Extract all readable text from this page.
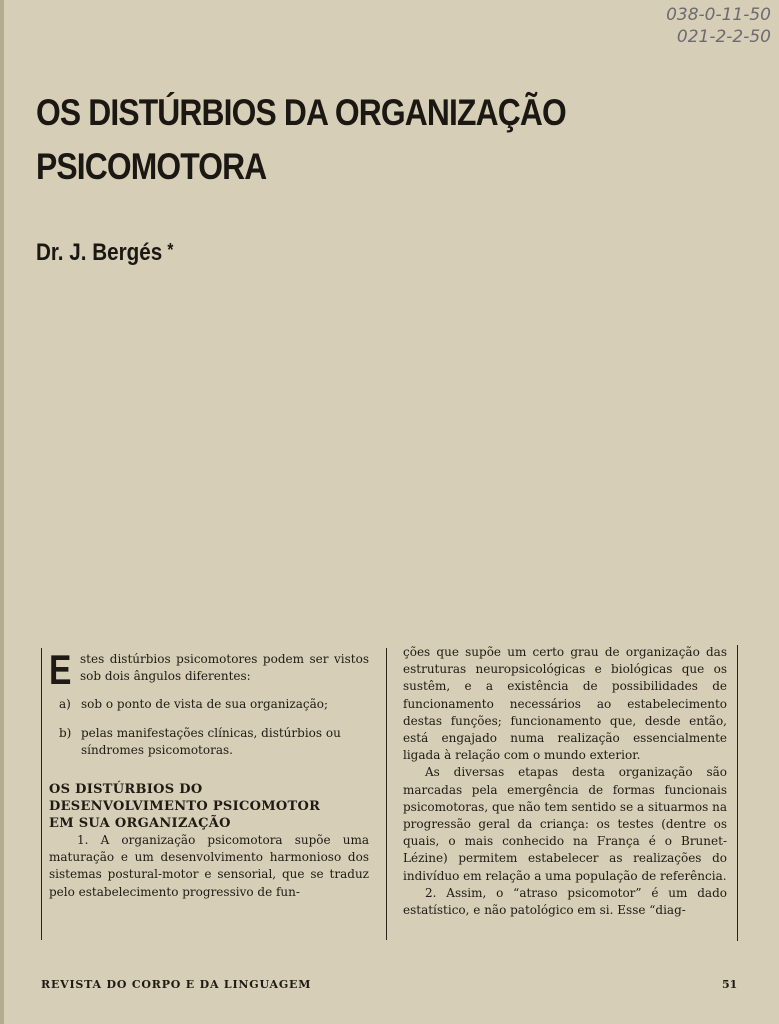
038-0-11-50
021-2-2-50
OS DISTÚRBIOS DA ORGANIZAÇÃO
PSICOMOTORA
Dr. J. Bergés *

Estes distúrbios psicomotores podem ser vistos sob dois ângulos diferentes:

a) sob o ponto de vista de sua organização;
b) pelas manifestações clínicas, distúrbios ou síndromes psicomotoras.
OS DISTÚRBIOS DO
DESENVOLVIMENTO PSICOMOTOR
EM SUA ORGANIZAÇÃO

1. A organização psicomotora supõe uma maturação e um desenvolvimento harmonioso dos sistemas postural-motor e sensorial, que se traduz pelo estabelecimento progressivo de fun-

ções que supõe um certo grau de organização das estruturas neuropsicológicas e biológicas que os sustêm, e a existência de possibilidades de funcionamento necessários ao estabelecimento destas funções; funcionamento que, desde então, está engajado numa realização essencialmente ligada à relação com o mundo exterior.

As diversas etapas desta organização são marcadas pela emergência de formas funcionais psicomotoras, que não tem sentido se a situarmos na progressão geral da criança: os testes (dentre os quais, o mais conhecido na França é o Brunet-Lézine) permitem estabelecer as realizações do indivíduo em relação a uma população de referência.

2. Assim, o “atraso psicomotor” é um dado estatístico, e não patológico em si. Esse “diag-

REVISTA DO CORPO E DA LINGUAGEM	51
